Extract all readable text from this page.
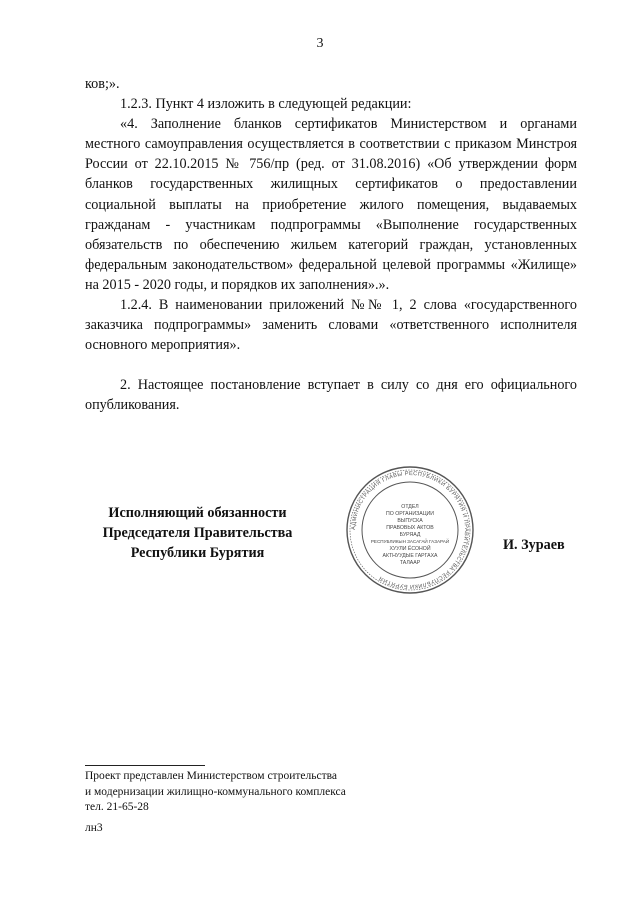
3

ков;».

1.2.3. Пункт 4 изложить в следующей редакции:

«4. Заполнение бланков сертификатов Министерством и органами местного самоуправления осуществляется в соответствии с приказом Минстроя России от 22.10.2015 № 756/пр (ред. от 31.08.2016) «Об утверждении форм бланков государственных жилищных сертификатов о предоставлении социальной выплаты на приобретение жилого помещения, выдаваемых гражданам - участникам подпрограммы «Выполнение государственных обязательств по обеспечению жильем категорий граждан, установленных федеральным законодательством» федеральной целевой программы «Жилище» на 2015 - 2020 годы, и порядков их заполнения».».

1.2.4. В наименовании приложений №№ 1, 2 слова «государственного заказчика подпрограммы» заменить словами «ответственного исполнителя основного мероприятия».

2. Настоящее постановление вступает в силу со дня его официального опубликования.

Исполняющий обязанности
Председателя Правительства
Республики Бурятия	И. Зураев
АДМИНИСТРАЦИЯ ГЛАВЫ РЕСПУБЛИКИ БУРЯТИЯ И ПРАВИТЕЛЬСТВА РЕСПУБЛИКИ БУРЯТИЯ
ОТДЕЛ
ПО ОРГАНИЗАЦИИ
ВЫПУСКА
ПРАВОВЫХ АКТОВ
БУРЯАД
РЕСПУБЛИКЫН ЗАСАГАЙ ГАЗАРАЙ
ХУУЛИ ЁСОНОЙ
АКТНУУДЫЕ ГАРГАХА
ТАЛААР
Проект представлен Министерством строительства
и модернизации жилищно-коммунального комплекса
тел. 21-65-28
лн3
